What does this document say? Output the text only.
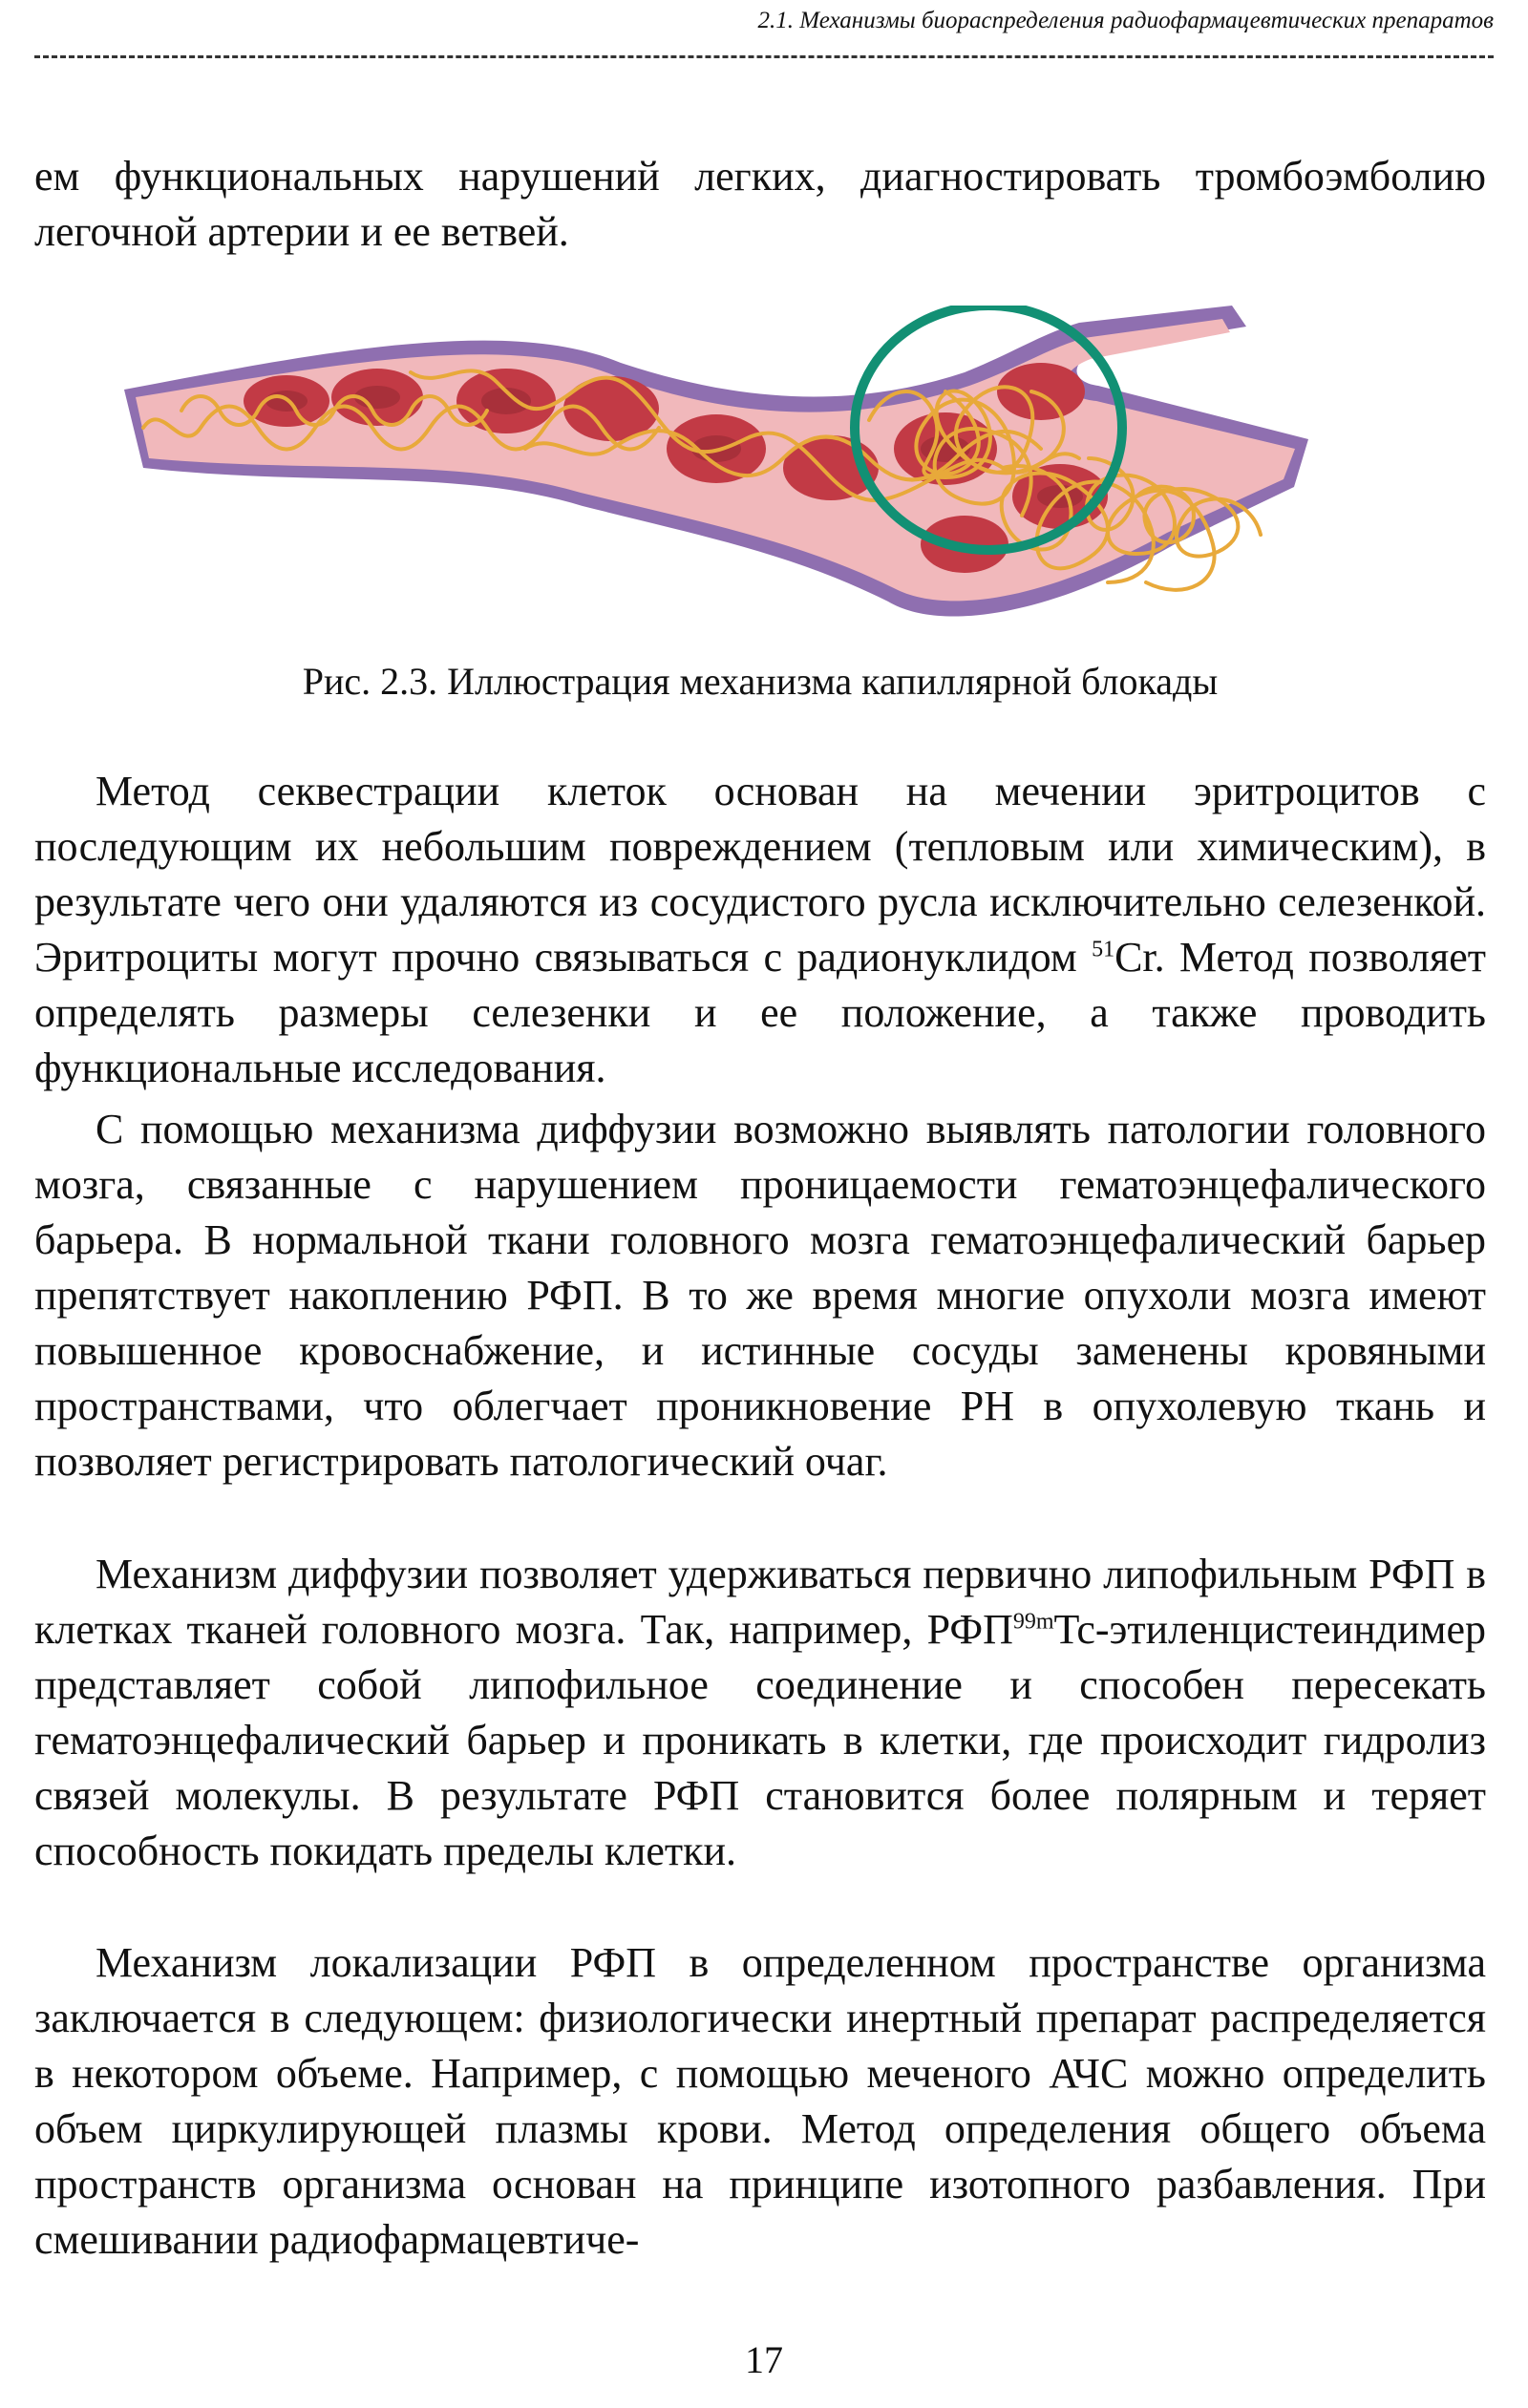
2.1. Механизмы биораспределения радиофармацевтических препаратов

ем функциональных нарушений легких, диагностировать тромбоэмболию легочной артерии и ее ветвей.

Рис. 2.3. Иллюстрация механизма капиллярной блокады

Метод секвестрации клеток основан на мечении эритроцитов с последующим их небольшим повреждением (тепловым или химическим), в результате чего они удаляются из сосудистого русла исключительно селезенкой. Эритроциты могут прочно связываться с радионуклидом $^{51}$Cr. Метод позволяет определять размеры селезенки и ее положение, а также проводить функциональные исследования.

С помощью механизма диффузии возможно выявлять патологии головного мозга, связанные с нарушением проницаемости гематоэнцефалического барьера. В нормальной ткани головного мозга гематоэнцефалический барьер препятствует накоплению РФП. В то же время многие опухоли мозга имеют повышенное кровоснабжение, и истинные сосуды заменены кровяными пространствами, что облегчает проникновение РН в опухолевую ткань и позволяет регистрировать патологический очаг.

Механизм диффузии позволяет удерживаться первично липофильным РФП в клетках тканей головного мозга. Так, например, $РФП^{99m}Tc$-этиленцистеиндимер представляет собой липофильное соединение и способен пересекать гематоэнцефалический барьер и проникать в клетки, где происходит гидролиз связей молекулы. В результате РФП становится более полярным и теряет способность покидать пределы клетки.

Механизм локализации РФП в определенном пространстве организма заключается в следующем: физиологически инертный препарат распределяется в некотором объеме. Например, с помощью меченого АЧС можно определить объем циркулирующей плазмы крови. Метод определения общего объема пространств организма основан на принципе изотопного разбавления. При смешивании радиофармацевтиче-

17
